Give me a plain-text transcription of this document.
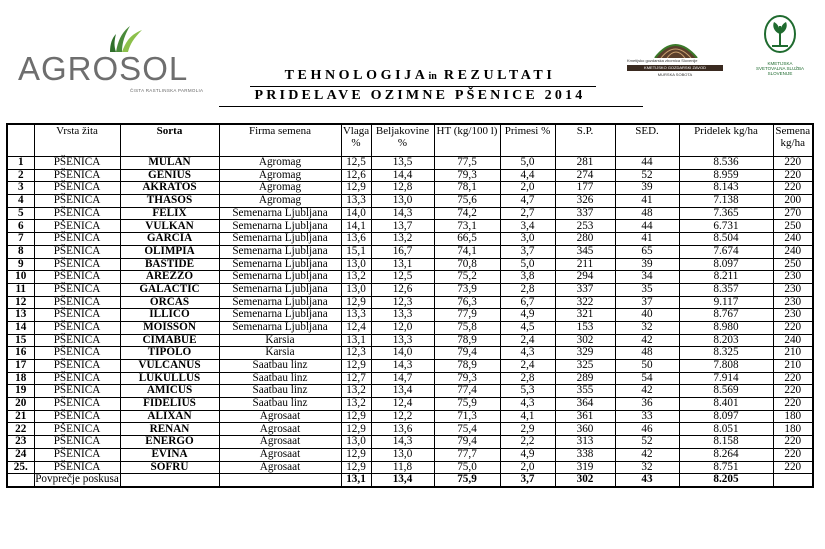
AGROSOL
ČISTA RASTLINSKA PARMOLIA
TEHNOLOGIJAin REZULTATI
PRIDELAVE OZIMNE PŠENICE 2014
Kmetijsko gozdarska zbornica Slovenije
KMETIJSKO GOZDARSKI ZAVOD
MURSKA SOBOTA
KMETIJSKA SVETOVALNA SLUŽBA SLOVENIJE
	Vrsta žita	Sorta	Firma semena	Vlaga %	Beljakovine %	HT (kg/100 l)	Primesi %	S.P.	SED.	Pridelek kg/ha	Semena kg/ha
1	PŠENICA	MULAN	Agromag	12,5	13,5	77,5	5,0	281	44	8.536	220
2	PŠENICA	GENIUS	Agromag	12,6	14,4	79,3	4,4	274	52	8.959	220
3	PŠENICA	AKRATOS	Agromag	12,9	12,8	78,1	2,0	177	39	8.143	220
4	PŠENICA	THASOS	Agromag	13,3	13,0	75,6	4,7	326	41	7.138	200
5	PŠENICA	FELIX	Semenarna Ljubljana	14,0	14,3	74,2	2,7	337	48	7.365	270
6	PŠENICA	VULKAN	Semenarna Ljubljana	14,1	13,7	73,1	3,4	253	44	6.731	250
7	PŠENICA	GARCIA	Semenarna Ljubljana	13,6	13,2	66,5	3,0	280	41	8.504	240
8	PŠENICA	OLIMPIA	Semenarna Ljubljana	15,1	16,7	74,1	3,7	345	65	7.674	240
9	PŠENICA	BASTIDE	Semenarna Ljubljana	13,0	13,1	70,8	5,0	211	39	8.097	250
10	PŠENICA	AREZZO	Semenarna Ljubljana	13,2	12,5	75,2	3,8	294	34	8.211	230
11	PŠENICA	GALACTIC	Semenarna Ljubljana	13,0	12,6	73,9	2,8	337	35	8.357	230
12	PŠENICA	ORCAS	Semenarna Ljubljana	12,9	12,3	76,3	6,7	322	37	9.117	230
13	PŠENICA	ILLICO	Semenarna Ljubljana	13,3	13,3	77,9	4,9	321	40	8.767	230
14	PŠENICA	MOISSON	Semenarna Ljubljana	12,4	12,0	75,8	4,5	153	32	8.980	220
15	PŠENICA	CIMABUE	Karsia	13,1	13,3	78,9	2,4	302	42	8.203	240
16	PŠENICA	TIPOLO	Karsia	12,3	14,0	79,4	4,3	329	48	8.325	210
17	PŠENICA	VULCANUS	Saatbau linz	12,9	14,3	78,9	2,4	325	50	7.808	210
18	PŠENICA	LUKULLUS	Saatbau linz	12,7	14,7	79,3	2,8	289	54	7.914	220
19	PŠENICA	AMICUS	Saatbau linz	13,2	13,4	77,4	5,3	355	42	8.569	220
20	PŠENICA	FIDELIUS	Saatbau linz	13,2	12,4	75,9	4,3	364	36	8.401	220
21	PŠENICA	ALIXAN	Agrosaat	12,9	12,2	71,3	4,1	361	33	8.097	180
22	PŠENICA	RENAN	Agrosaat	12,9	13,6	75,4	2,9	360	46	8.051	180
23	PŠENICA	ENERGO	Agrosaat	13,0	14,3	79,4	2,2	313	52	8.158	220
24	PŠENICA	EVINA	Agrosaat	12,9	13,0	77,7	4,9	338	42	8.264	220
25.	PŠENICA	SOFRU	Agrosaat	12,9	11,8	75,0	2,0	319	32	8.751	220
	Povprečje poskusa			13,1	13,4	75,9	3,7	302	43	8.205	
